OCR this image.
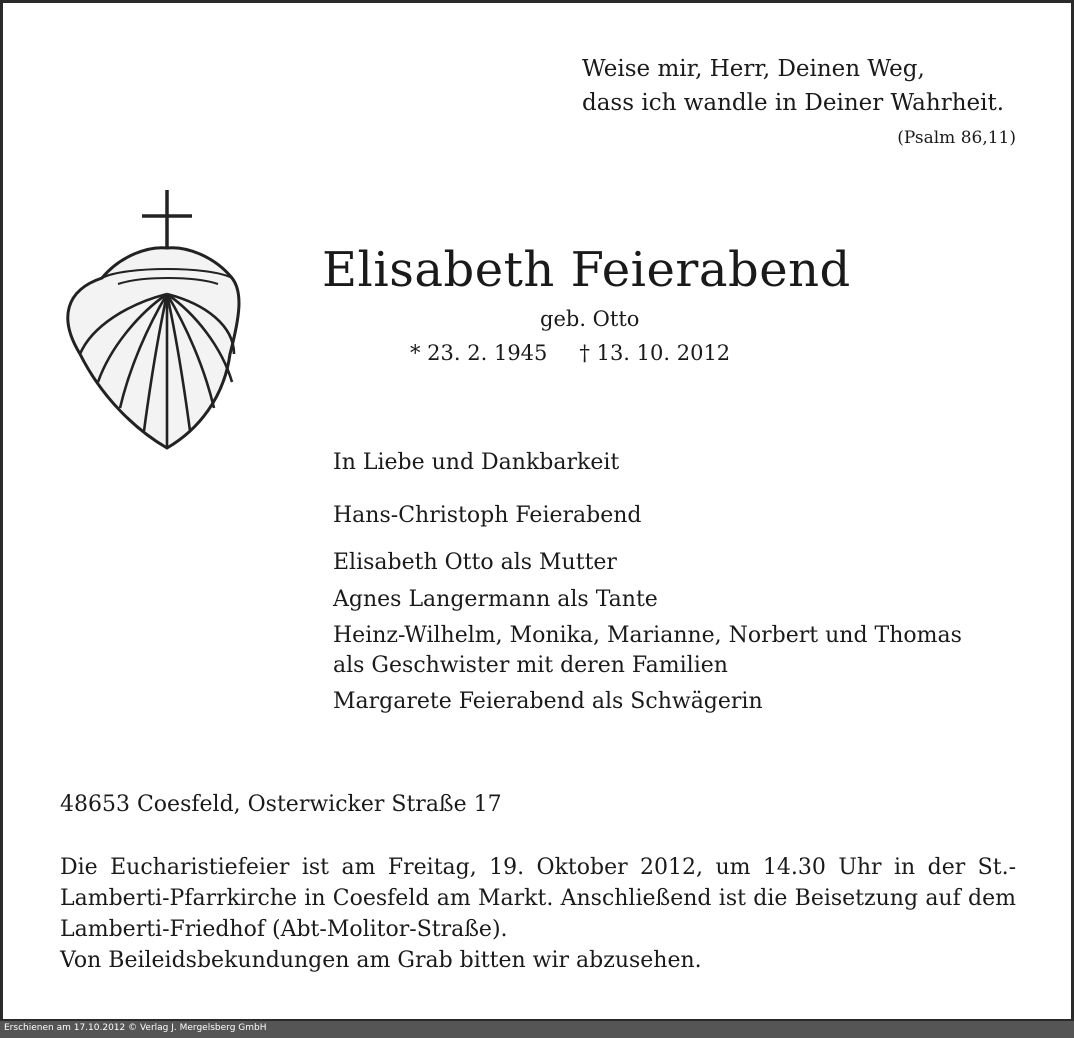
Weise mir, Herr, Deinen Weg,
dass ich wandle in Deiner Wahrheit.
(Psalm 86,11)
Elisabeth Feierabend
geb. Otto
* 23. 2. 1945 † 13. 10. 2012
In Liebe und Dankbarkeit
Hans-Christoph Feierabend
Elisabeth Otto als Mutter
Agnes Langermann als Tante
Heinz-Wilhelm, Monika, Marianne, Norbert und Thomas
als Geschwister mit deren Familien
Margarete Feierabend als Schwägerin
48653 Coesfeld, Osterwicker Straße 17

Die Eucharistiefeier ist am Freitag, 19. Oktober 2012, um 14.30 Uhr in der St.-Lamberti-Pfarrkirche in Coesfeld am Markt. Anschließend ist die Beisetzung auf dem Lamberti-Friedhof (Abt-Molitor-Straße).

Von Beileidsbekundungen am Grab bitten wir abzusehen.

Erschienen am 17.10.2012 © Verlag J. Mergelsberg GmbH
